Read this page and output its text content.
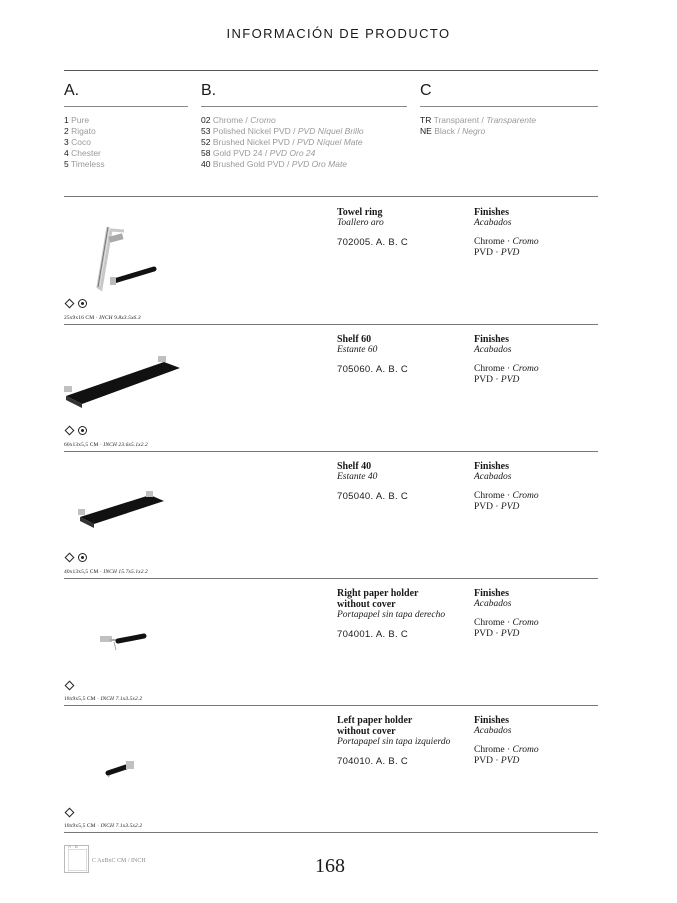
INFORMACIÓN DE PRODUCTO
A.
1 Pure
2 Rigato
3 Coco
4 Chester
5 Timeless
B.
02 Chrome / Cromo
53 Polished Nickel PVD / PVD Níquel Brillo
52 Brushed Nickel PVD / PVD Níquel Mate
58 Gold PVD 24 / PVD Oro 24
40 Brushed Gold PVD / PVD Oro Mate
C
TR Transparent / Transparente
NE Black / Negro
25x9x16 CM · INCH 9.8x3.5x6.3
Towel ring
Toallero aro
702005. A. B. C
Finishes
Acabados
Chrome · Cromo
PVD · PVD
60x13x5,5 CM · INCH 23.6x5.1x2.2
Shelf 60
Estante 60
705060. A. B. C
Finishes
Acabados
Chrome · Cromo
PVD · PVD
40x13x5,5 CM · INCH 15.7x5.1x2.2
Shelf 40
Estante 40
705040. A. B. C
Finishes
Acabados
Chrome · Cromo
PVD · PVD
18x9x5,5 CM · INCH 7.1x3.5x2.2
Right paper holder
without cover
Portapapel sin tapa derecho
704001. A. B. C
Finishes
Acabados
Chrome · Cromo
PVD · PVD
18x9x5,5 CM · INCH 7.1x3.5x2.2
Left paper holder
without cover
Portapapel sin tapa izquierdo
704010. A. B. C
Finishes
Acabados
Chrome · Cromo
PVD · PVD
A · B
C AxBxC CM / INCH	168
